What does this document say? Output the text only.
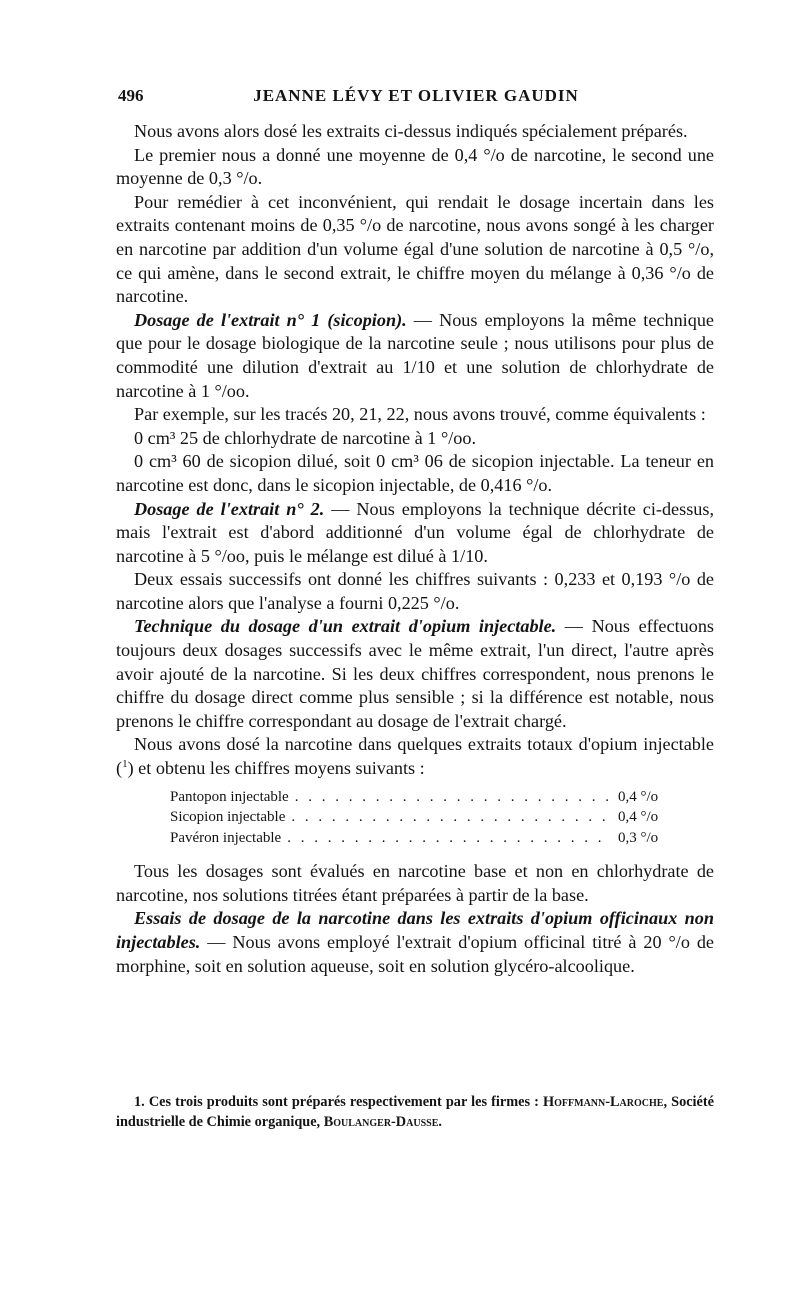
496	JEANNE LÉVY ET OLIVIER GAUDIN

Nous avons alors dosé les extraits ci-dessus indiqués spécialement préparés.

Le premier nous a donné une moyenne de 0,4 °/o de narcotine, le second une moyenne de 0,3 °/o.

Pour remédier à cet inconvénient, qui rendait le dosage incertain dans les extraits contenant moins de 0,35 °/o de narcotine, nous avons songé à les charger en narcotine par addition d'un volume égal d'une solution de narcotine à 0,5 °/o, ce qui amène, dans le second extrait, le chiffre moyen du mélange à 0,36 °/o de narcotine.

Dosage de l'extrait n° 1 (sicopion). — Nous employons la même technique que pour le dosage biologique de la narcotine seule ; nous utilisons pour plus de commodité une dilution d'extrait au 1/10 et une solution de chlorhydrate de narcotine à 1 °/oo.

Par exemple, sur les tracés 20, 21, 22, nous avons trouvé, comme équivalents :

0 cm³ 25 de chlorhydrate de narcotine à 1 °/oo.

0 cm³ 60 de sicopion dilué, soit 0 cm³ 06 de sicopion injectable. La teneur en narcotine est donc, dans le sicopion injectable, de 0,416 °/o.

Dosage de l'extrait n° 2. — Nous employons la technique décrite ci-dessus, mais l'extrait est d'abord additionné d'un volume égal de chlorhydrate de narcotine à 5 °/oo, puis le mélange est dilué à 1/10.

Deux essais successifs ont donné les chiffres suivants : 0,233 et 0,193 °/o de narcotine alors que l'analyse a fourni 0,225 °/o.

Technique du dosage d'un extrait d'opium injectable. — Nous effectuons toujours deux dosages successifs avec le même extrait, l'un direct, l'autre après avoir ajouté de la narcotine. Si les deux chiffres correspondent, nous prenons le chiffre du dosage direct comme plus sensible ; si la différence est notable, nous prenons le chiffre correspondant au dosage de l'extrait chargé.

Nous avons dosé la narcotine dans quelques extraits totaux d'opium injectable ($^1$) et obtenu les chiffres moyens suivants :

Pantopon injectable . . .	0,4 °/o
Sicopion injectable . . .	0,4 °/o
Pavéron injectable . . .	0,3 °/o

Tous les dosages sont évalués en narcotine base et non en chlorhydrate de narcotine, nos solutions titrées étant préparées à partir de la base.

Essais de dosage de la narcotine dans les extraits d'opium officinaux non injectables. — Nous avons employé l'extrait d'opium officinal titré à 20 °/o de morphine, soit en solution aqueuse, soit en solution glycéro-alcoolique.

1. Ces trois produits sont préparés respectivement par les firmes : Hoffmann-Laroche, Société industrielle de Chimie organique, Boulanger-Dausse.
